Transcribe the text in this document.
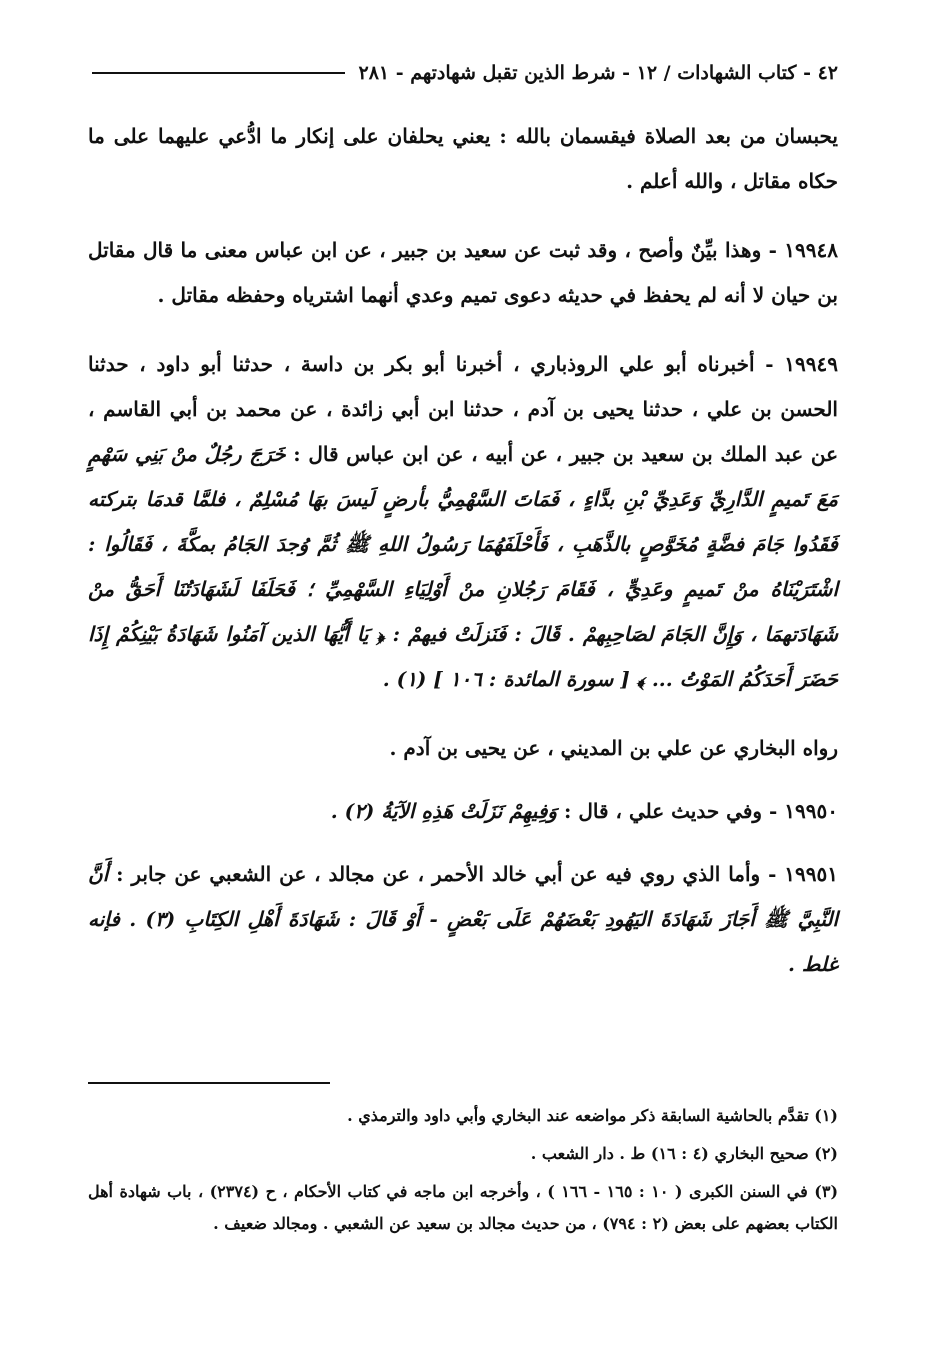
٤٢ - كتاب الشهادات / ١٢ - شرط الذين تقبل شهادتهم - ٢٨١

يحبسان من بعد الصلاة فيقسمان بالله : يعني يحلفان على إنكار ما ادُّعي عليهما على ما حكاه مقاتل ، والله أعلم .

١٩٩٤٨ - وهذا بيِّنٌ وأصح ، وقد ثبت عن سعيد بن جبير ، عن ابن عباس معنى ما قال مقاتل بن حيان لا أنه لم يحفظ في حديثه دعوى تميم وعدي أنهما اشترياه وحفظه مقاتل .

١٩٩٤٩ - أخبرناه أبو علي الروذباري ، أخبرنا أبو بكر بن داسة ، حدثنا أبو داود ، حدثنا الحسن بن علي ، حدثنا يحيى بن آدم ، حدثنا ابن أبي زائدة ، عن محمد بن أبي القاسم ، عن عبد الملك بن سعيد بن جبير ، عن أبيه ، عن ابن عباس قال : خَرَجَ رجُلٌ منْ بَنِي سَهْمٍ مَعَ تَميمٍ الدَّارِيِّ وَعَدِيِّ بْنِ بدَّاءٍ ، فَمَاتَ السَّهْمِيُّ بأرضٍ لَيسَ بهَا مُسْلِمٌ ، فلمَّا قدمَا بتركته فَقَدُوا جَامَ فضَّةٍ مُخَوَّصٍ بالذَّهَبِ ، فَأَحْلَفَهُمَا رَسُولُ اللهِ ﷺ ثُمَّ وُجدَ الجَامُ بمكَّةَ ، فَقَالُوا : اشْتَرَيْنَاهُ منْ تَميمٍ وعَدِيٍّ ، فَقَامَ رَجُلانِ منْ أَوْلِيَاءِ السَّهْمِيِّ ؛ فَحَلَفَا لَشَهَادَتُنَا أَحَقُّ منْ شَهَادَتهمَا ، وَإِنَّ الجَامَ لصَاحِبِهمْ . قَالَ : فَنَزلَتْ فيهمْ : ﴿ يَا أَيُّهَا الذين آمَنُوا شَهَادَةُ بَيْنِكُمْ إِذَا حَضَرَ أَحَدَكُمُ المَوْتُ ... ﴾ [ سورة المائدة : ١٠٦ ] (١) .

رواه البخاري عن علي بن المديني ، عن يحيى بن آدم .

١٩٩٥٠ - وفي حديث علي ، قال : وَفِيهِمْ نَزَلَتْ هَذِهِ الآيَةُ (٢) .

١٩٩٥١ - وأما الذي روي فيه عن أبي خالد الأحمر ، عن مجالد ، عن الشعبي عن جابر : أَنَّ النَّبِيَّ ﷺ أَجَازَ شَهَادَةَ اليَهُودِ بَعْضَهُمْ عَلَى بَعْضٍ - أَوْ قَالَ : شَهَادَةَ أَهْلِ الكِتَابِ (٣) . فإنه غلط .

(١) تقدَّم بالحاشية السابقة ذكر مواضعه عند البخاري وأبي داود والترمذي .

(٢) صحيح البخاري (٤ : ١٦) ط . دار الشعب .

(٣) في السنن الكبرى ( ١٠ : ١٦٥ - ١٦٦ ) ، وأخرجه ابن ماجه في كتاب الأحكام ، ح (٢٣٧٤) ، باب شهادة أهل الكتاب بعضهم على بعض (٢ : ٧٩٤) ، من حديث مجالد بن سعيد عن الشعبي . ومجالد ضعيف .
